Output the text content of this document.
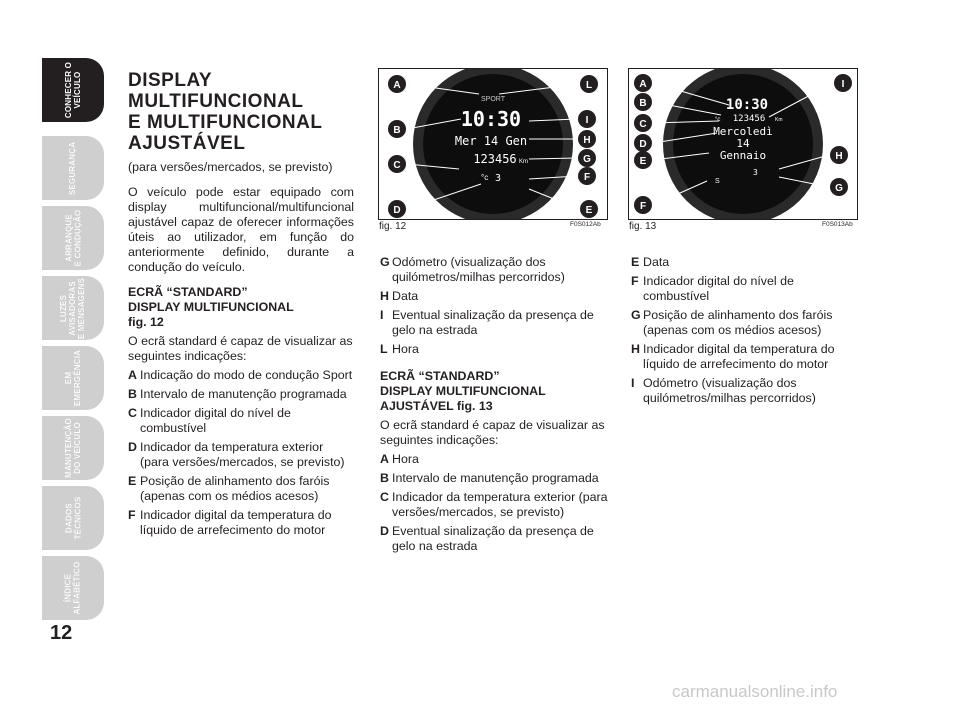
CONHECER O
VEÍCULO
SEGURANÇA
ARRANQUE
E CONDUÇÃO
LUZES
AVISADORAS
E MENSAGENS
EM
EMERGÊNCIA
MANUTENÇÃO
DO VEÍCULO
DADOS
TÉCNICOS
ÍNDICE
ALFABÉTICO
12
DISPLAY
MULTIFUNCIONAL
E MULTIFUNCIONAL
AJUSTÁVEL

(para versões/mercados, se previsto)

O veículo pode estar equipado com display multifuncional/multifuncional ajustável capaz de oferecer informações úteis ao utilizador, em função do anteriormente definido, durante a condução do veículo.

ECRÃ “STANDARD”
DISPLAY MULTIFUNCIONAL
fig. 12

O ecrã standard é capaz de visualizar as seguintes indicações:

A Indicação do modo de condução Sport
B Intervalo de manutenção programada
C Indicador digital do nível de combustível
D Indicador da temperatura exterior (para versões/mercados, se previsto)
E Posição de alinhamento dos faróis (apenas com os médios acesos)
F Indicador digital da temperatura do líquido de arrefecimento do motor
SPORT
10:30
Mer 14 Gen
123456 Km
°c 3
A
B
C
D
L
I
H
G
F
E
fig. 12	F0S012Ab
10:30
123456 Km
°c
Mercoledì
14
Gennaio
S
3
A
B
C
D
E
F
I
H
G
fig. 13	F0S013Ab
G Odómetro (visualização dos quilómetros/milhas percorridos)
H Data
I Eventual sinalização da presença de gelo na estrada
L Hora
ECRÃ “STANDARD”
DISPLAY MULTIFUNCIONAL
AJUSTÁVEL fig. 13

O ecrã standard é capaz de visualizar as seguintes indicações:

A Hora
B Intervalo de manutenção programada
C Indicador da temperatura exterior (para versões/mercados, se previsto)
D Eventual sinalização da presença de gelo na estrada
E Data
F Indicador digital do nível de combustível
G Posição de alinhamento dos faróis (apenas com os médios acesos)
H Indicador digital da temperatura do líquido de arrefecimento do motor
I Odómetro (visualização dos quilómetros/milhas percorridos)
carmanualsonline.info
